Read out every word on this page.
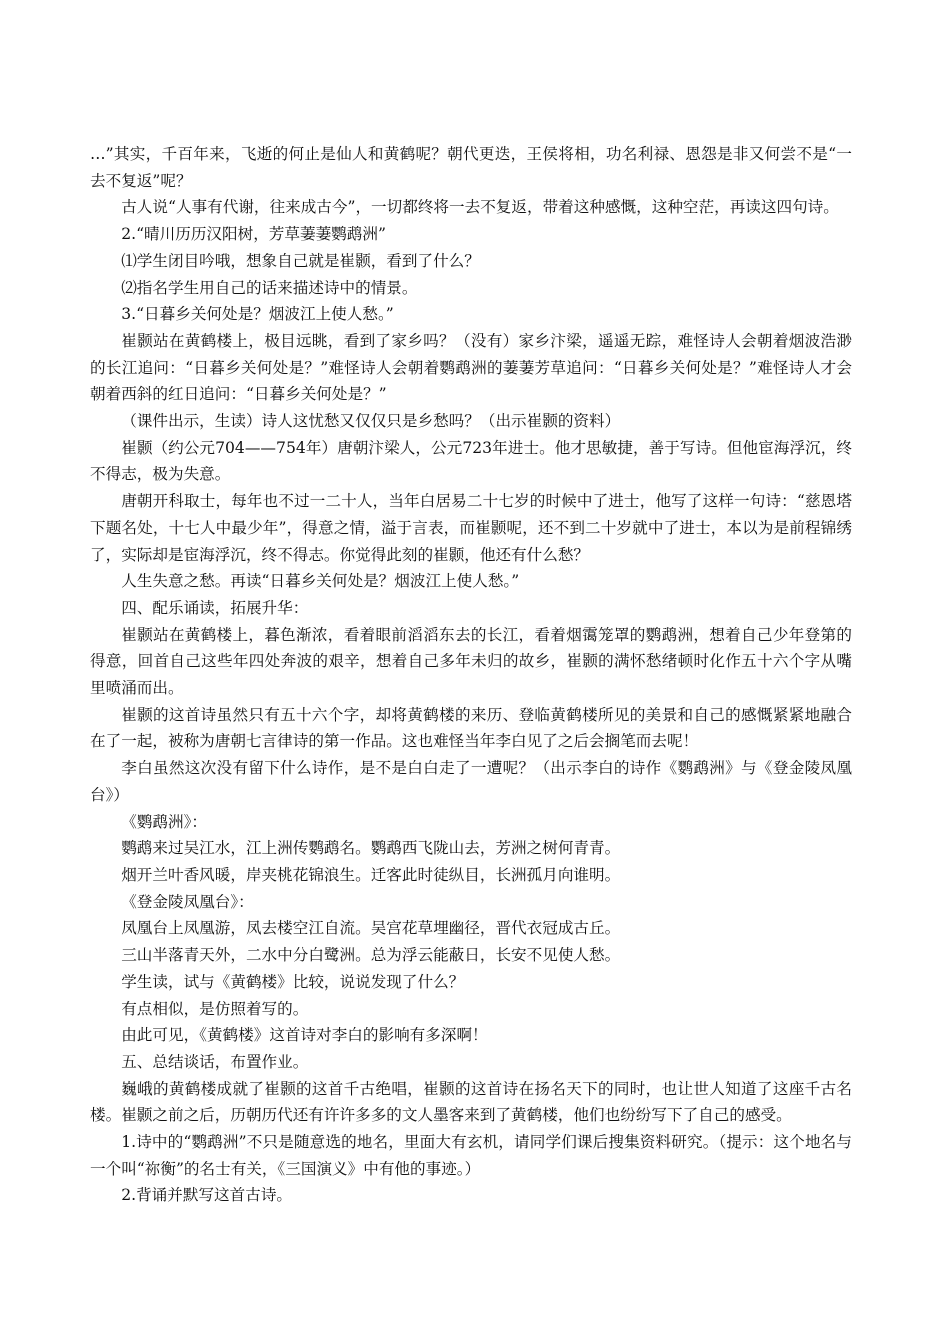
…”其实，千百年来，飞逝的何止是仙人和黄鹤呢？朝代更迭，王侯将相，功名利禄、恩怨是非又何尝不是“一去不复返”呢？

古人说“人事有代谢，往来成古今”，一切都终将一去不复返，带着这种感慨，这种空茫，再读这四句诗。

2.“晴川历历汉阳树，芳草萋萋鹦鹉洲”

⑴学生闭目吟哦，想象自己就是崔颢，看到了什么？

⑵指名学生用自己的话来描述诗中的情景。

3.“日暮乡关何处是？烟波江上使人愁。”

崔颢站在黄鹤楼上，极目远眺，看到了家乡吗？（没有）家乡汴梁，遥遥无踪，难怪诗人会朝着烟波浩渺的长江追问：“日暮乡关何处是？”难怪诗人会朝着鹦鹉洲的萋萋芳草追问：“日暮乡关何处是？”难怪诗人才会朝着西斜的红日追问：“日暮乡关何处是？”

（课件出示，生读）诗人这忧愁又仅仅只是乡愁吗？（出示崔颢的资料）

崔颢（约公元704——754年）唐朝汴梁人，公元723年进士。他才思敏捷，善于写诗。但他宦海浮沉，终不得志，极为失意。

唐朝开科取士，每年也不过一二十人，当年白居易二十七岁的时候中了进士，他写了这样一句诗：“慈恩塔下题名处，十七人中最少年”，得意之情，溢于言表，而崔颢呢，还不到二十岁就中了进士，本以为是前程锦绣了，实际却是宦海浮沉，终不得志。你觉得此刻的崔颢，他还有什么愁？

人生失意之愁。再读“日暮乡关何处是？烟波江上使人愁。”

四、配乐诵读，拓展升华：

崔颢站在黄鹤楼上，暮色渐浓，看着眼前滔滔东去的长江，看着烟霭笼罩的鹦鹉洲，想着自己少年登第的得意，回首自己这些年四处奔波的艰辛，想着自己多年未归的故乡，崔颢的满怀愁绪顿时化作五十六个字从嘴里喷涌而出。

崔颢的这首诗虽然只有五十六个字，却将黄鹤楼的来历、登临黄鹤楼所见的美景和自己的感慨紧紧地融合在了一起，被称为唐朝七言律诗的第一作品。这也难怪当年李白见了之后会搁笔而去呢！

李白虽然这次没有留下什么诗作，是不是白白走了一遭呢？（出示李白的诗作《鹦鹉洲》与《登金陵凤凰台》）

《鹦鹉洲》：

鹦鹉来过吴江水，江上洲传鹦鹉名。鹦鹉西飞陇山去，芳洲之树何青青。

烟开兰叶香风暖，岸夹桃花锦浪生。迁客此时徒纵目，长洲孤月向谁明。

《登金陵凤凰台》：

凤凰台上凤凰游，凤去楼空江自流。吴宫花草埋幽径，晋代衣冠成古丘。

三山半落青天外，二水中分白鹭洲。总为浮云能蔽日，长安不见使人愁。

学生读，试与《黄鹤楼》比较，说说发现了什么？

有点相似，是仿照着写的。

由此可见，《黄鹤楼》这首诗对李白的影响有多深啊！

五、总结谈话，布置作业。

巍峨的黄鹤楼成就了崔颢的这首千古绝唱，崔颢的这首诗在扬名天下的同时，也让世人知道了这座千古名楼。崔颢之前之后，历朝历代还有许许多多的文人墨客来到了黄鹤楼，他们也纷纷写下了自己的感受。

1.诗中的“鹦鹉洲”不只是随意选的地名，里面大有玄机，请同学们课后搜集资料研究。（提示：这个地名与一个叫“祢衡”的名士有关，《三国演义》中有他的事迹。）

2.背诵并默写这首古诗。
